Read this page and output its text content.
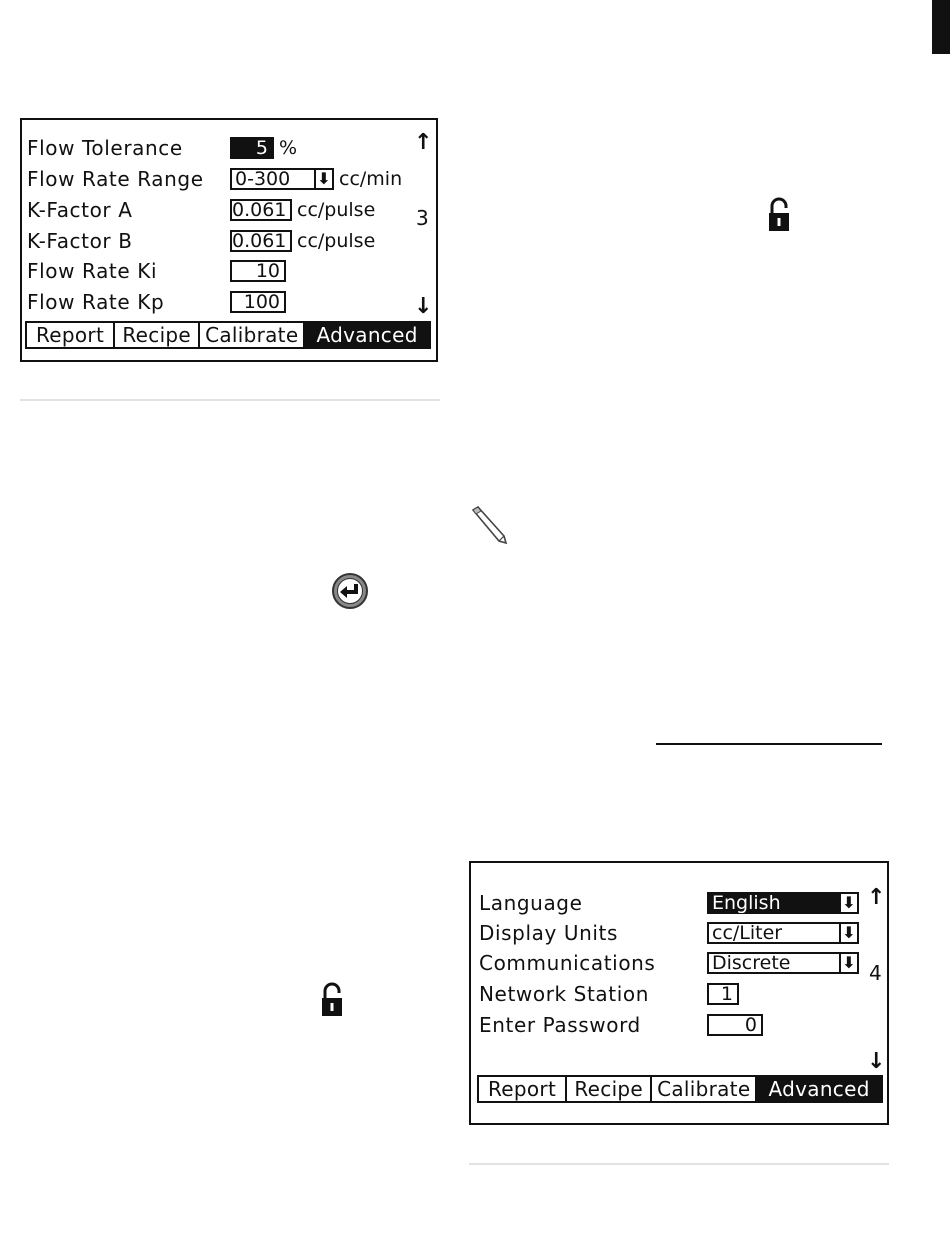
Flow Tolerance	5 %
Flow Rate Range 0-300 ⬇ cc/min
K-Factor A	0.061 cc/pulse
K-Factor B	0.061 cc/pulse
Flow Rate Ki	10
Flow Rate Kp	100
↑
3
↓
Report Recipe Calibrate Advanced
Language	English	⬇
Display Units	cc/Liter	⬇
Communications	Discrete	⬇
Network Station	1
Enter Password	0
↑
4
↓
Report Recipe Calibrate Advanced
